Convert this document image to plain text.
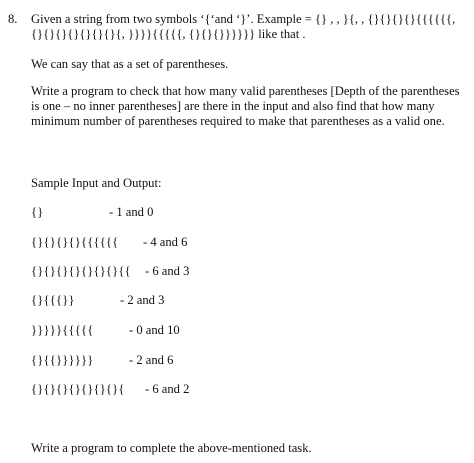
8. Given a string from two symbols ‘{‘and ‘}’. Example = {} , , }{, , {}{}{}{}{{{{{{,
{}{}{}{}{}{}{}{, }}}}{{{{{, {}{}{}}}}}} like that .
We can say that as a set of parentheses.
Write a program to check that how many valid parentheses [Depth of the parentheses
is one – no inner parentheses] are there in the input and also find that how many
minimum number of parentheses required to make that parentheses as a valid one.
Sample Input and Output:
{}	- 1 and 0
{}{}{}{}{{{{{{ - 4 and 6
{}{}{}{}{}{}{}{{ - 6 and 3
{}{{{}}	- 2 and 3
}}}}}{{{{{	- 0 and 10
{}{{}}}}}}	- 2 and 6
{}{}{}{}{}{}{}{ - 6 and 2
Write a program to complete the above-mentioned task.
